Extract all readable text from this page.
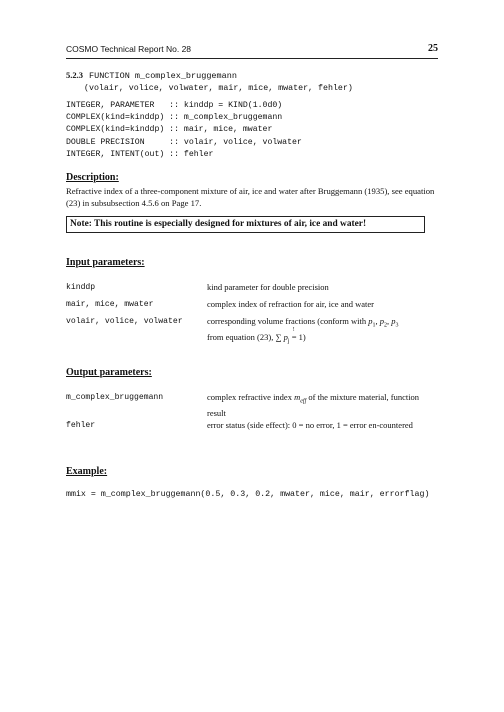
COSMO Technical Report No. 28	25
5.2.3 FUNCTION m_complex_bruggemann
(volair, volice, volwater, mair, mice, mwater, fehler)
INTEGER, PARAMETER   :: kinddp = KIND(1.0d0)
COMPLEX(kind=kinddp) :: m_complex_bruggemann
COMPLEX(kind=kinddp) :: mair, mice, mwater
DOUBLE PRECISION     :: volair, volice, volwater
INTEGER, INTENT(out) :: fehler
Description:
Refractive index of a three-component mixture of air, ice and water after Bruggemann (1935), see equation (23) in subsubsection 4.5.6 on Page 17.
Note: This routine is especially designed for mixtures of air, ice and water!
Input parameters:
kinddp	kind parameter for double precision
mair, mice, mwater	complex index of refraction for air, ice and water
volair, volice, volwater	corresponding volume fractions (conform with $p_1$, $p_2$, $p_3$
from equation (23), ∑ $p_j$
!
= 1)
Output parameters:
m_complex_bruggemann	complex refractive index $m_{eff}$ of the mixture material, function result
fehler	error status (side effect): 0 = no error, 1 = error en-countered
Example:
mmix = m_complex_bruggemann(0.5, 0.3, 0.2, mwater, mice, mair, errorflag)
